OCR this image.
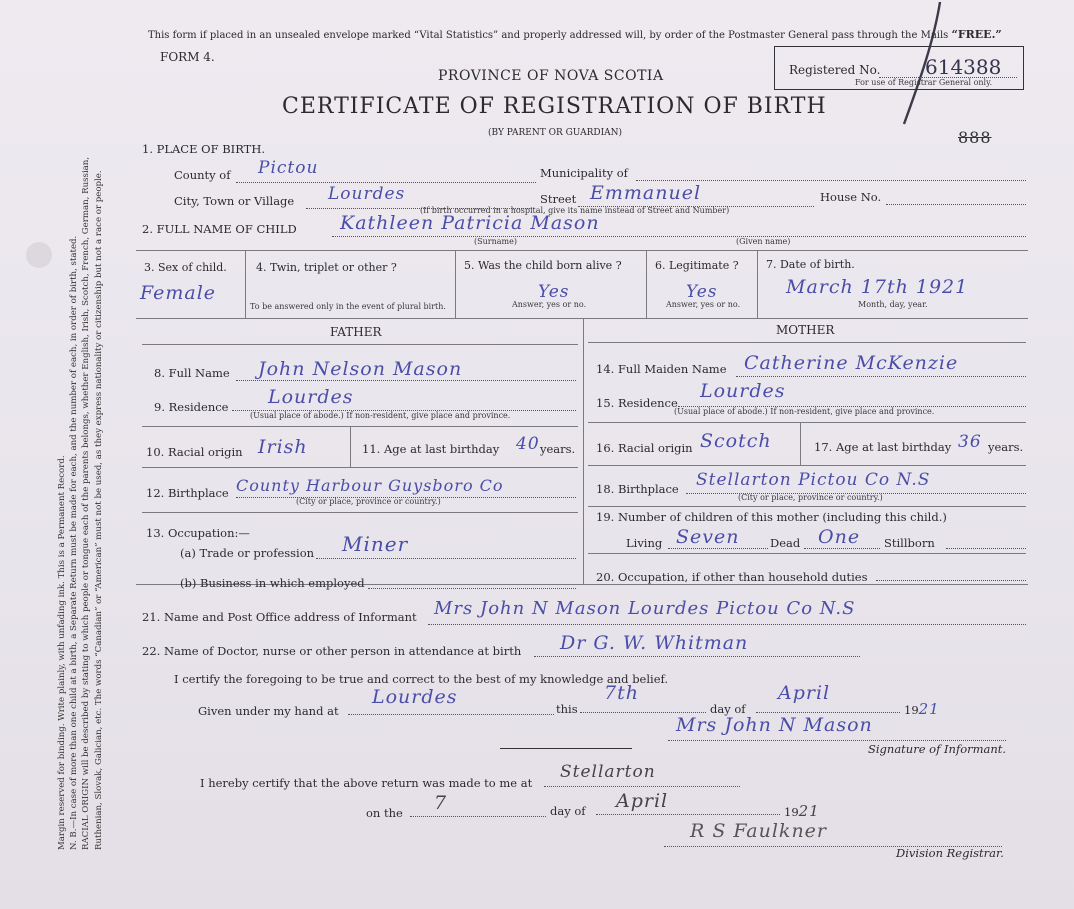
Margin reserved for binding. Write plainly, with unfading ink. This is a Permanent Record. N. B.—In case of more than one child at a birth, a Separate Return must be made for each, and the number of each, in order of birth, stated. RACIAL ORIGIN will be described by stating to which people or tongue each of the parents belongs, whether English, Irish, Scotch, French, German, Russian, Ruthenian, Slovak, Galician, etc. The words “Canadian” or “American” must not be used, as they express nationality or citizenship but not a race or people.
This form if placed in an unsealed envelope marked “Vital Statistics” and properly addressed will, by order of the Postmaster General pass through the Mails “FREE.”
FORM 4.
PROVINCE OF NOVA SCOTIA
CERTIFICATE OF REGISTRATION OF BIRTH
(BY PARENT OR GUARDIAN)
Registered No. 614388
For use of Registrar General only.
888
1. PLACE OF BIRTH.
County of Pictou	Municipality of
City, Town or Village Lourdes	Street Emmanuel	House No.
(If birth occurred in a hospital, give its name instead of Street and Number)
2. FULL NAME OF CHILD Kathleen Patricia Mason
(Surname)	(Given name)
3. Sex of child.
Female
4. Twin, triplet or other ?
To be answered only in the event of plural birth.
5. Was the child born alive ?
Yes
Answer, yes or no.
6. Legitimate ?
Yes
Answer, yes or no.
7. Date of birth.
March 17th 1921
Month, day, year.
FATHER
8. Full Name John Nelson Mason
9. Residence Lourdes
(Usual place of abode.) If non-resident, give place and province.
10. Racial origin Irish	11. Age at last birthday 40 years.
12. Birthplace County Harbour Guysboro Co
(City or place, province or country.)
13. Occupation:—
(a) Trade or profession Miner
(b) Business in which employed
MOTHER
14. Full Maiden Name Catherine McKenzie
15. Residence
Lourdes
(Usual place of abode.) If non-resident, give place and province.
16. Racial origin Scotch	17. Age at last birthday 36 years.
18. Birthplace Stellarton Pictou Co N.S
(City or place, province or country.)
19. Number of children of this mother (including this child.)
Living Seven	Dead One Stillborn
20. Occupation, if other than household duties
21. Name and Post Office address of Informant Mrs John N Mason Lourdes Pictou Co N.S
22. Name of Doctor, nurse or other person in attendance at birth Dr G. W. Whitman
I certify the foregoing to be true and correct to the best of my knowledge and belief.
Given under my hand at
Lourdes
this
7th
day of
April
1921
Mrs John N Mason
Signature of Informant.
I hereby certify that the above return was made to me at
Stellarton
on the 7	day of April	1921
R S Faulkner
Division Registrar.
